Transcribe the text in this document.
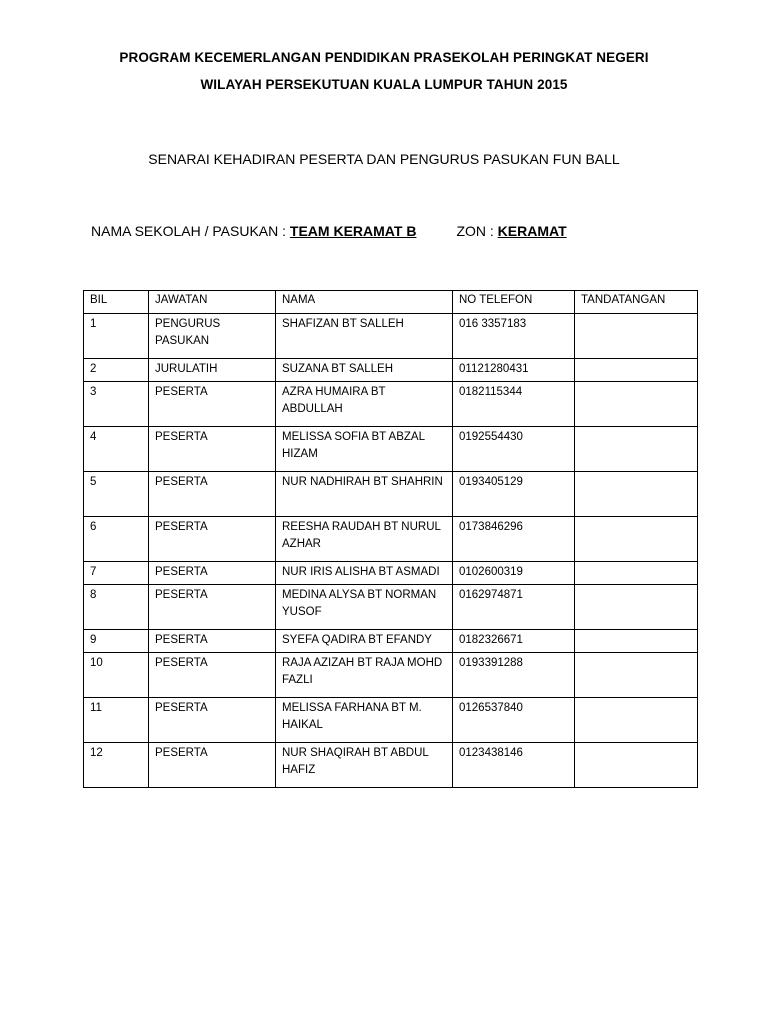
PROGRAM KECEMERLANGAN PENDIDIKAN PRASEKOLAH PERINGKAT NEGERI
WILAYAH PERSEKUTUAN KUALA LUMPUR TAHUN 2015
SENARAI KEHADIRAN PESERTA DAN PENGURUS PASUKAN FUN BALL
NAMA SEKOLAH / PASUKAN : TEAM KERAMAT B	ZON : KERAMAT
BIL	JAWATAN	NAMA	NO TELEFON	TANDATANGAN
1	PENGURUS PASUKAN	SHAFIZAN BT SALLEH	016 3357183	
2	JURULATIH	SUZANA BT SALLEH	01121280431	
3	PESERTA	AZRA HUMAIRA BT ABDULLAH	0182115344	
4	PESERTA	MELISSA SOFIA BT ABZAL HIZAM	0192554430	
5	PESERTA	NUR NADHIRAH BT SHAHRIN	0193405129	
6	PESERTA	REESHA RAUDAH BT NURUL AZHAR	0173846296	
7	PESERTA	NUR IRIS ALISHA BT ASMADI	0102600319	
8	PESERTA	MEDINA ALYSA BT NORMAN YUSOF	0162974871	
9	PESERTA	SYEFA QADIRA BT EFANDY	0182326671	
10	PESERTA	RAJA AZIZAH BT RAJA MOHD FAZLI	0193391288	
11	PESERTA	MELISSA FARHANA BT M. HAIKAL	0126537840	
12	PESERTA	NUR SHAQIRAH BT ABDUL HAFIZ	0123438146	
